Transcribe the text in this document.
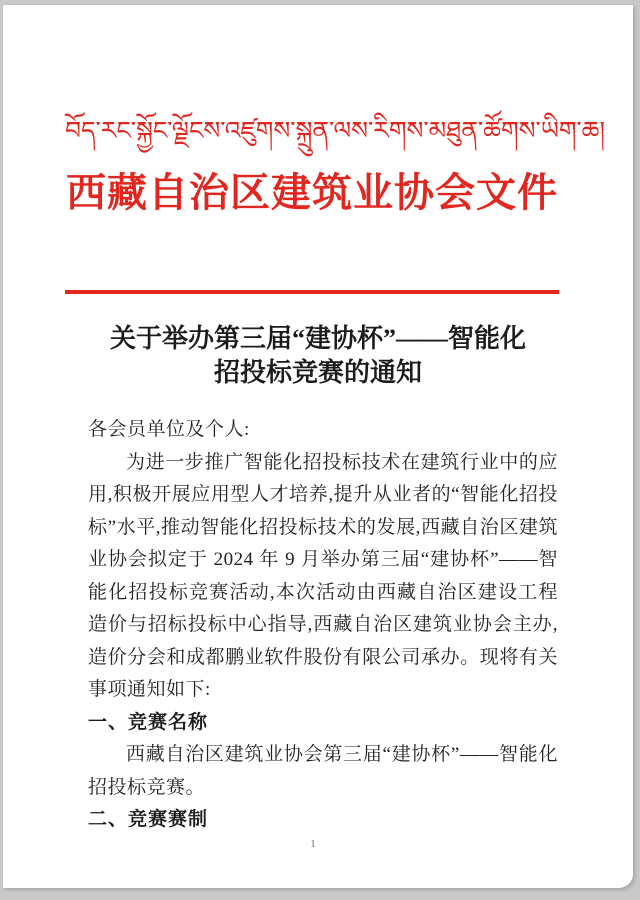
བོད་རང་སྐྱོང་ལྗོངས་འཛུགས་སྐྲུན་ལས་རིགས་མཐུན་ཚོགས་ཡིག་ཆ།
西藏自治区建筑业协会文件
关于举办第三届“建协杯”——智能化
招投标竞赛的通知
各会员单位及个人:
为进一步推广智能化招投标技术在建筑行业中的应用,积极开展应用型人才培养,提升从业者的“智能化招投标”水平,推动智能化招投标技术的发展,西藏自治区建筑业协会拟定于 2024 年 9 月举办第三届“建协杯”——智能化招投标竞赛活动,本次活动由西藏自治区建设工程造价与招标投标中心指导,西藏自治区建筑业协会主办,造价分会和成都鹏业软件股份有限公司承办。现将有关事项通知如下:
一、竞赛名称
西藏自治区建筑业协会第三届“建协杯”——智能化招投标竞赛。
二、竞赛赛制
1
